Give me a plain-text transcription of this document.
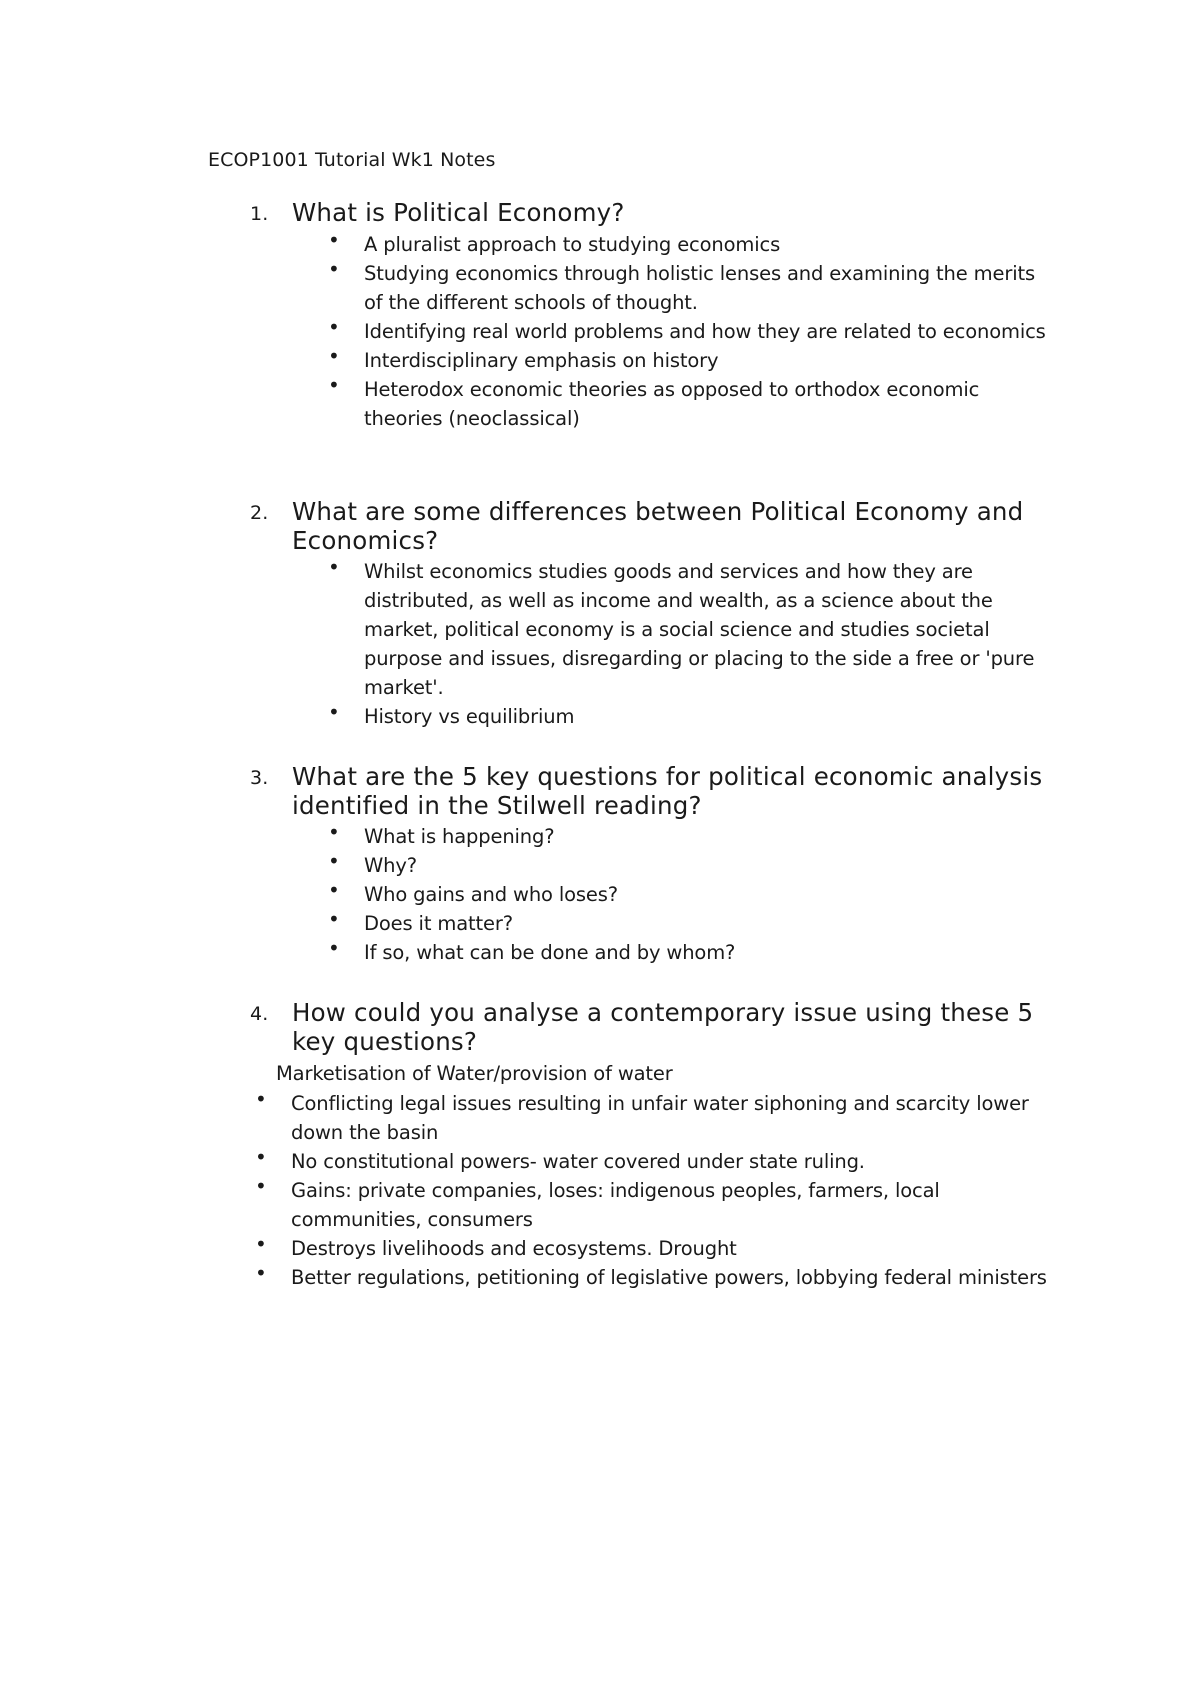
ECOP1001 Tutorial Wk1 Notes
1. What is Political Economy?
• A pluralist approach to studying economics
• Studying economics through holistic lenses and examining the merits of the different schools of thought.
• Identifying real world problems and how they are related to economics
• Interdisciplinary emphasis on history
• Heterodox economic theories as opposed to orthodox economic theories (neoclassical)
2. What are some differences between Political Economy and Economics?
• Whilst economics studies goods and services and how they are distributed, as well as income and wealth, as a science about the market, political economy is a social science and studies societal purpose and issues, disregarding or placing to the side a free or 'pure market'.
• History vs equilibrium
3. What are the 5 key questions for political economic analysis identified in the Stilwell reading?
• What is happening?
• Why?
• Who gains and who loses?
• Does it matter?
• If so, what can be done and by whom?
4. How could you analyse a contemporary issue using these 5 key questions?
Marketisation of Water/provision of water
• Conflicting legal issues resulting in unfair water siphoning and scarcity lower down the basin
• No constitutional powers- water covered under state ruling.
• Gains: private companies, loses: indigenous peoples, farmers, local communities, consumers
• Destroys livelihoods and ecosystems. Drought
• Better regulations, petitioning of legislative powers, lobbying federal ministers
